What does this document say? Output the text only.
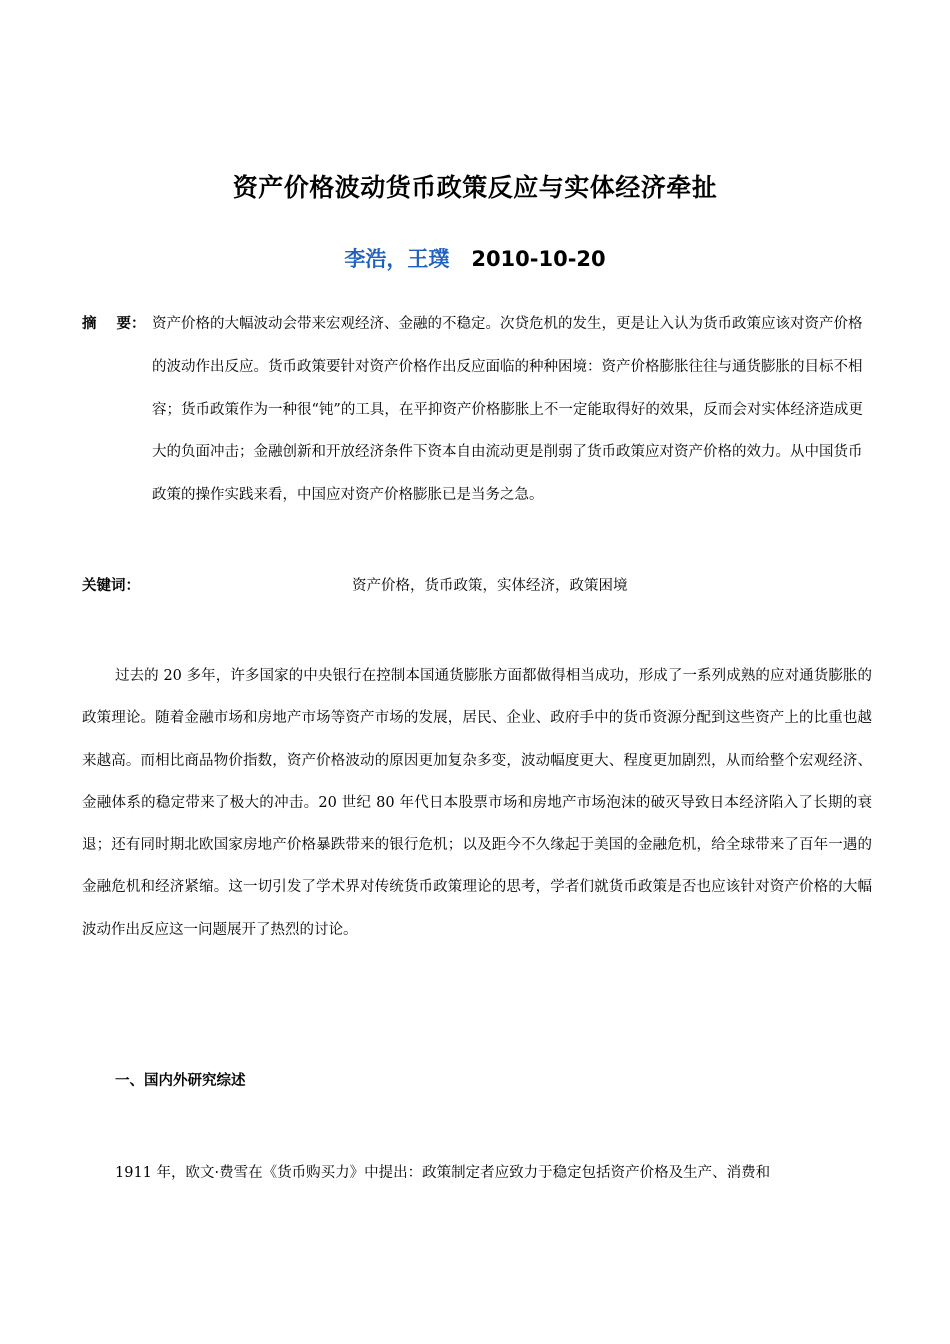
资产价格波动货币政策反应与实体经济牵扯
李浩，王璞 2010-10-20
摘 要： 资产价格的大幅波动会带来宏观经济、金融的不稳定。次贷危机的发生，更是让入认为货币政策应该对资产价格的波动作出反应。货币政策要针对资产价格作出反应面临的种种困境：资产价格膨胀往往与通货膨胀的目标不相容；货币政策作为一种很“钝”的工具，在平抑资产价格膨胀上不一定能取得好的效果，反而会对实体经济造成更大的负面冲击；金融创新和开放经济条件下资本自由流动更是削弱了货币政策应对资产价格的效力。从中国货币政策的操作实践来看，中国应对资产价格膨胀已是当务之急。
关键词：	资产价格，货币政策，实体经济，政策困境
过去的 20 多年，许多国家的中央银行在控制本国通货膨胀方面都做得相当成功，形成了一系列成熟的应对通货膨胀的政策理论。随着金融市场和房地产市场等资产市场的发展，居民、企业、政府手中的货币资源分配到这些资产上的比重也越来越高。而相比商品物价指数，资产价格波动的原因更加复杂多变，波动幅度更大、程度更加剧烈，从而给整个宏观经济、金融体系的稳定带来了极大的冲击。20 世纪 80 年代日本股票市场和房地产市场泡沫的破灭导致日本经济陷入了长期的衰退；还有同时期北欧国家房地产价格暴跌带来的银行危机；以及距今不久缘起于美国的金融危机，给全球带来了百年一遇的金融危机和经济紧缩。这一切引发了学术界对传统货币政策理论的思考，学者们就货币政策是否也应该针对资产价格的大幅波动作出反应这一问题展开了热烈的讨论。
一、国内外研究综述
1911 年，欧文·费雪在《货币购买力》中提出：政策制定者应致力于稳定包括资产价格及生产、消费和
